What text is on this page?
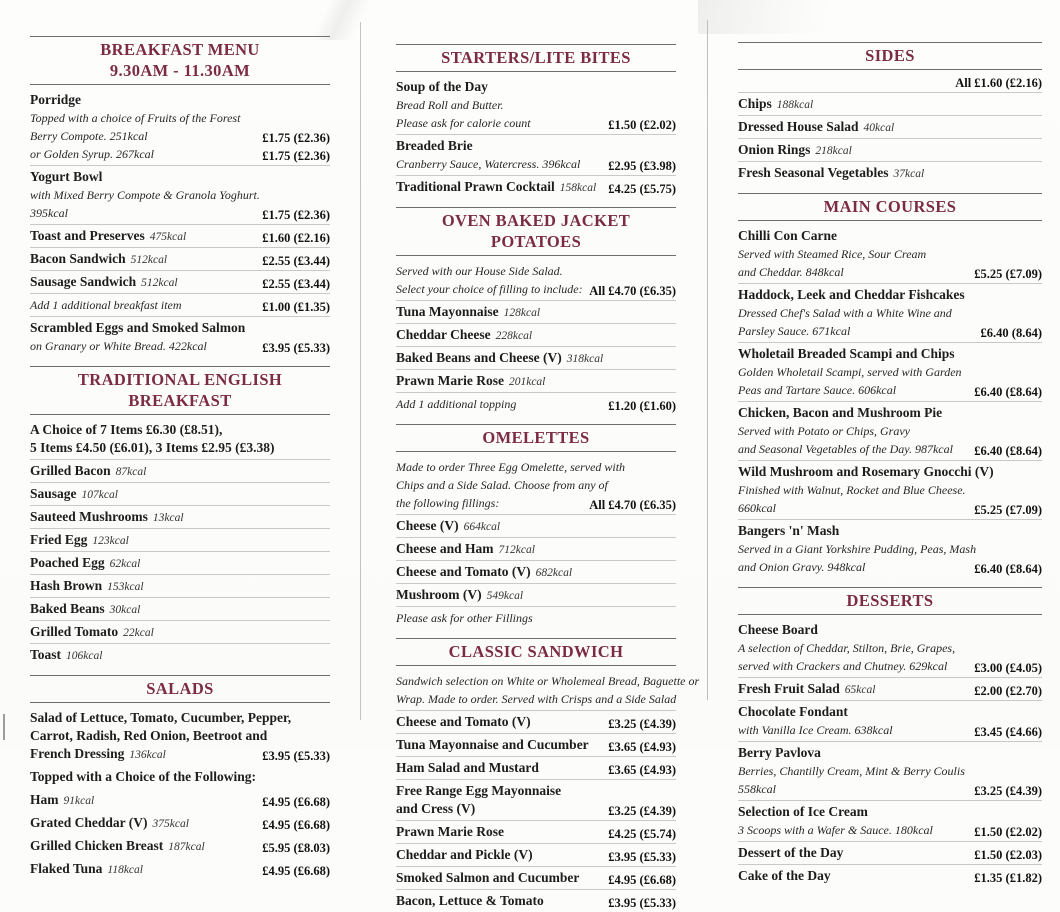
BREAKFAST MENU
9.30AM - 11.30AM
Porridge
Topped with a choice of Fruits of the Forest
Berry Compote. 251kcal	£1.75 (£2.36)
or Golden Syrup. 267kcal	£1.75 (£2.36)
Yogurt Bowl
with Mixed Berry Compote & Granola Yoghurt.
395kcal	£1.75 (£2.36)
Toast and Preserves 475kcal	£1.60 (£2.16)
Bacon Sandwich 512kcal	£2.55 (£3.44)
Sausage Sandwich 512kcal	£2.55 (£3.44)
Add 1 additional breakfast item	£1.00 (£1.35)
Scrambled Eggs and Smoked Salmon
on Granary or White Bread. 422kcal	£3.95 (£5.33)
TRADITIONAL ENGLISH
BREAKFAST
A Choice of 7 Items £6.30 (£8.51),
5 Items £4.50 (£6.01), 3 Items £2.95 (£3.38)
Grilled Bacon 87kcal
Sausage 107kcal
Sauteed Mushrooms 13kcal
Fried Egg 123kcal
Poached Egg 62kcal
Hash Brown 153kcal
Baked Beans 30kcal
Grilled Tomato 22kcal
Toast 106kcal
SALADS
Salad of Lettuce, Tomato, Cucumber, Pepper,
Carrot, Radish, Red Onion, Beetroot and
French Dressing 136kcal	£3.95 (£5.33)
Topped with a Choice of the Following:
Ham 91kcal	£4.95 (£6.68)
Grated Cheddar (V) 375kcal	£4.95 (£6.68)
Grilled Chicken Breast 187kcal	£5.95 (£8.03)
Flaked Tuna 118kcal	£4.95 (£6.68)
STARTERS/LITE BITES
Soup of the Day
Bread Roll and Butter.
Please ask for calorie count	£1.50 (£2.02)
Breaded Brie
Cranberry Sauce, Watercress. 396kcal	£2.95 (£3.98)
Traditional Prawn Cocktail 158kcal £4.25 (£5.75)
OVEN BAKED JACKET POTATOES
Served with our House Side Salad.
Select your choice of filling to include: All £4.70 (£6.35)
Tuna Mayonnaise 128kcal
Cheddar Cheese 228kcal
Baked Beans and Cheese (V) 318kcal
Prawn Marie Rose 201kcal
Add 1 additional topping	£1.20 (£1.60)
OMELETTES
Made to order Three Egg Omelette, served with
Chips and a Side Salad. Choose from any of
the following fillings:	All £4.70 (£6.35)
Cheese (V) 664kcal
Cheese and Ham 712kcal
Cheese and Tomato (V) 682kcal
Mushroom (V) 549kcal
Please ask for other Fillings
CLASSIC SANDWICH
Sandwich selection on White or Wholemeal Bread, Baguette or
Wrap. Made to order. Served with Crisps and a Side Salad
Cheese and Tomato (V)	£3.25 (£4.39)
Tuna Mayonnaise and Cucumber	£3.65 (£4.93)
Ham Salad and Mustard	£3.65 (£4.93)
Free Range Egg Mayonnaise
and Cress (V)	£3.25 (£4.39)
Prawn Marie Rose	£4.25 (£5.74)
Cheddar and Pickle (V)	£3.95 (£5.33)
Smoked Salmon and Cucumber	£4.95 (£6.68)
Bacon, Lettuce & Tomato	£3.95 (£5.33)
SIDES
All £1.60 (£2.16)
Chips 188kcal
Dressed House Salad 40kcal
Onion Rings 218kcal
Fresh Seasonal Vegetables 37kcal
MAIN COURSES
Chilli Con Carne
Served with Steamed Rice, Sour Cream
and Cheddar. 848kcal	£5.25 (£7.09)
Haddock, Leek and Cheddar Fishcakes
Dressed Chef's Salad with a White Wine and
Parsley Sauce. 671kcal	£6.40 (8.64)
Wholetail Breaded Scampi and Chips
Golden Wholetail Scampi, served with Garden
Peas and Tartare Sauce. 606kcal	£6.40 (£8.64)
Chicken, Bacon and Mushroom Pie
Served with Potato or Chips, Gravy
and Seasonal Vegetables of the Day. 987kcal	£6.40 (£8.64)
Wild Mushroom and Rosemary Gnocchi (V)
Finished with Walnut, Rocket and Blue Cheese.
660kcal	£5.25 (£7.09)
Bangers 'n' Mash
Served in a Giant Yorkshire Pudding, Peas, Mash
and Onion Gravy. 948kcal	£6.40 (£8.64)
DESSERTS
Cheese Board
A selection of Cheddar, Stilton, Brie, Grapes,
served with Crackers and Chutney. 629kcal	£3.00 (£4.05)
Fresh Fruit Salad 65kcal	£2.00 (£2.70)
Chocolate Fondant
with Vanilla Ice Cream. 638kcal	£3.45 (£4.66)
Berry Pavlova
Berries, Chantilly Cream, Mint & Berry Coulis
558kcal	£3.25 (£4.39)
Selection of Ice Cream
3 Scoops with a Wafer & Sauce. 180kcal	£1.50 (£2.02)
Dessert of the Day	£1.50 (£2.03)
Cake of the Day	£1.35 (£1.82)
